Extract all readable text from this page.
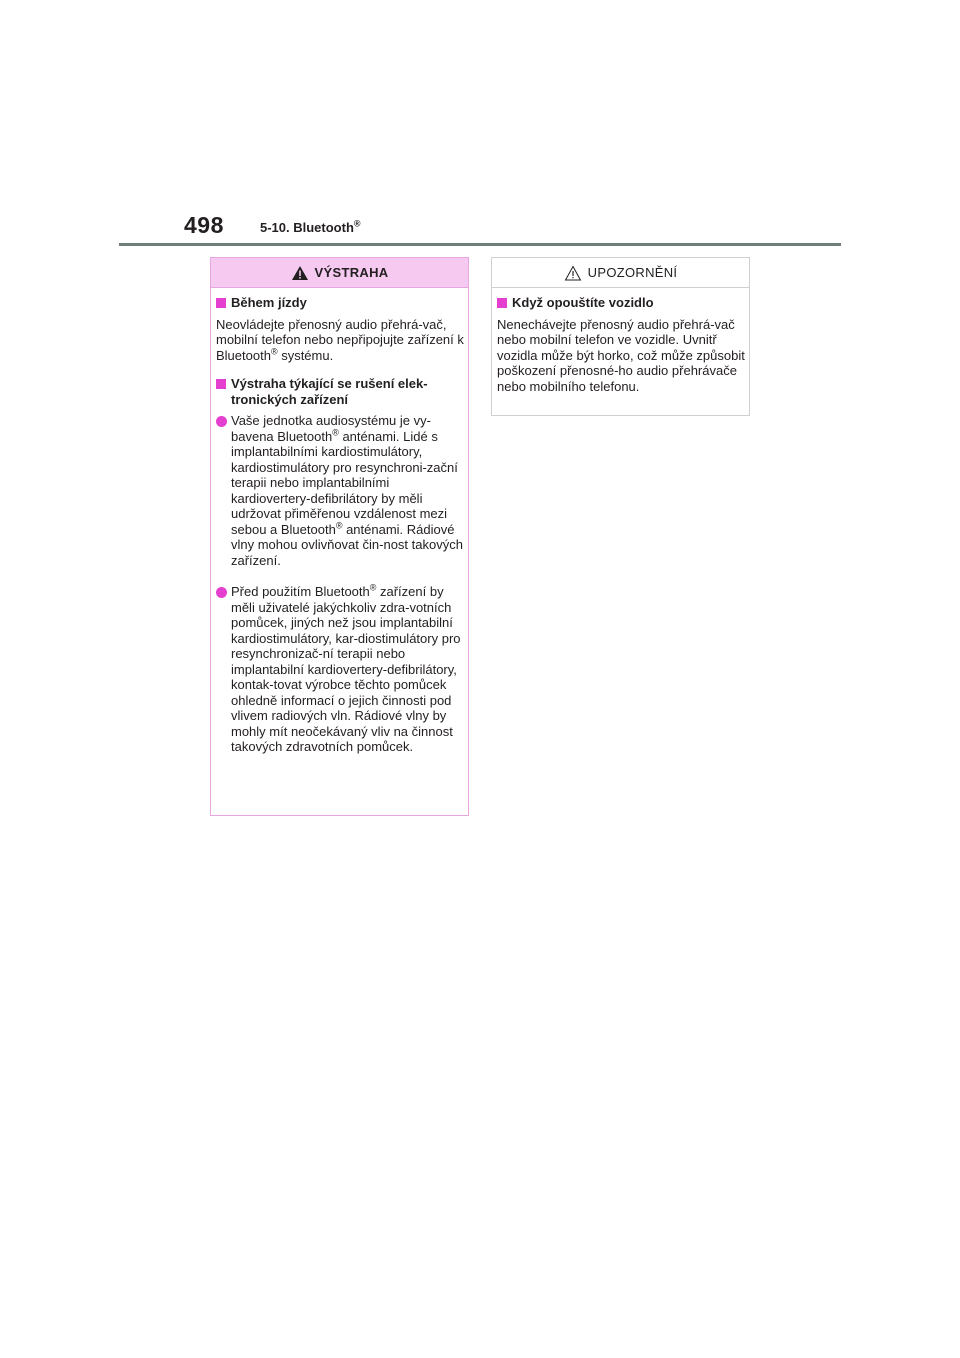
498	5-10. Bluetooth®
VÝSTRAHA
Během jízdy
Neovládejte přenosný audio přehrá-vač, mobilní telefon nebo nepřipojujte zařízení k Bluetooth® systému.
Výstraha týkající se rušení elek-tronických zařízení
Vaše jednotka audiosystému je vy-bavena Bluetooth® anténami. Lidé s implantabilními kardiostimulátory, kardiostimulátory pro resynchroni-zační terapii nebo implantabilními kardiovertery-defibrilátory by měli udržovat přiměřenou vzdálenost mezi sebou a Bluetooth® anténami. Rádiové vlny mohou ovlivňovat čin-nost takových zařízení.
Před použitím Bluetooth® zařízení by měli uživatelé jakýchkoliv zdra-votních pomůcek, jiných než jsou implantabilní kardiostimulátory, kar-diostimulátory pro resynchronizač-ní terapii nebo implantabilní kardiovertery-defibrilátory, kontak-tovat výrobce těchto pomůcek ohledně informací o jejich činnosti pod vlivem radiových vln. Rádiové vlny by mohly mít neočekávaný vliv na činnost takových zdravotních pomůcek.
UPOZORNĚNÍ
Když opouštíte vozidlo
Nenechávejte přenosný audio přehrá-vač nebo mobilní telefon ve vozidle. Uvnitř vozidla může být horko, což může způsobit poškození přenosné-ho audio přehrávače nebo mobilního telefonu.
